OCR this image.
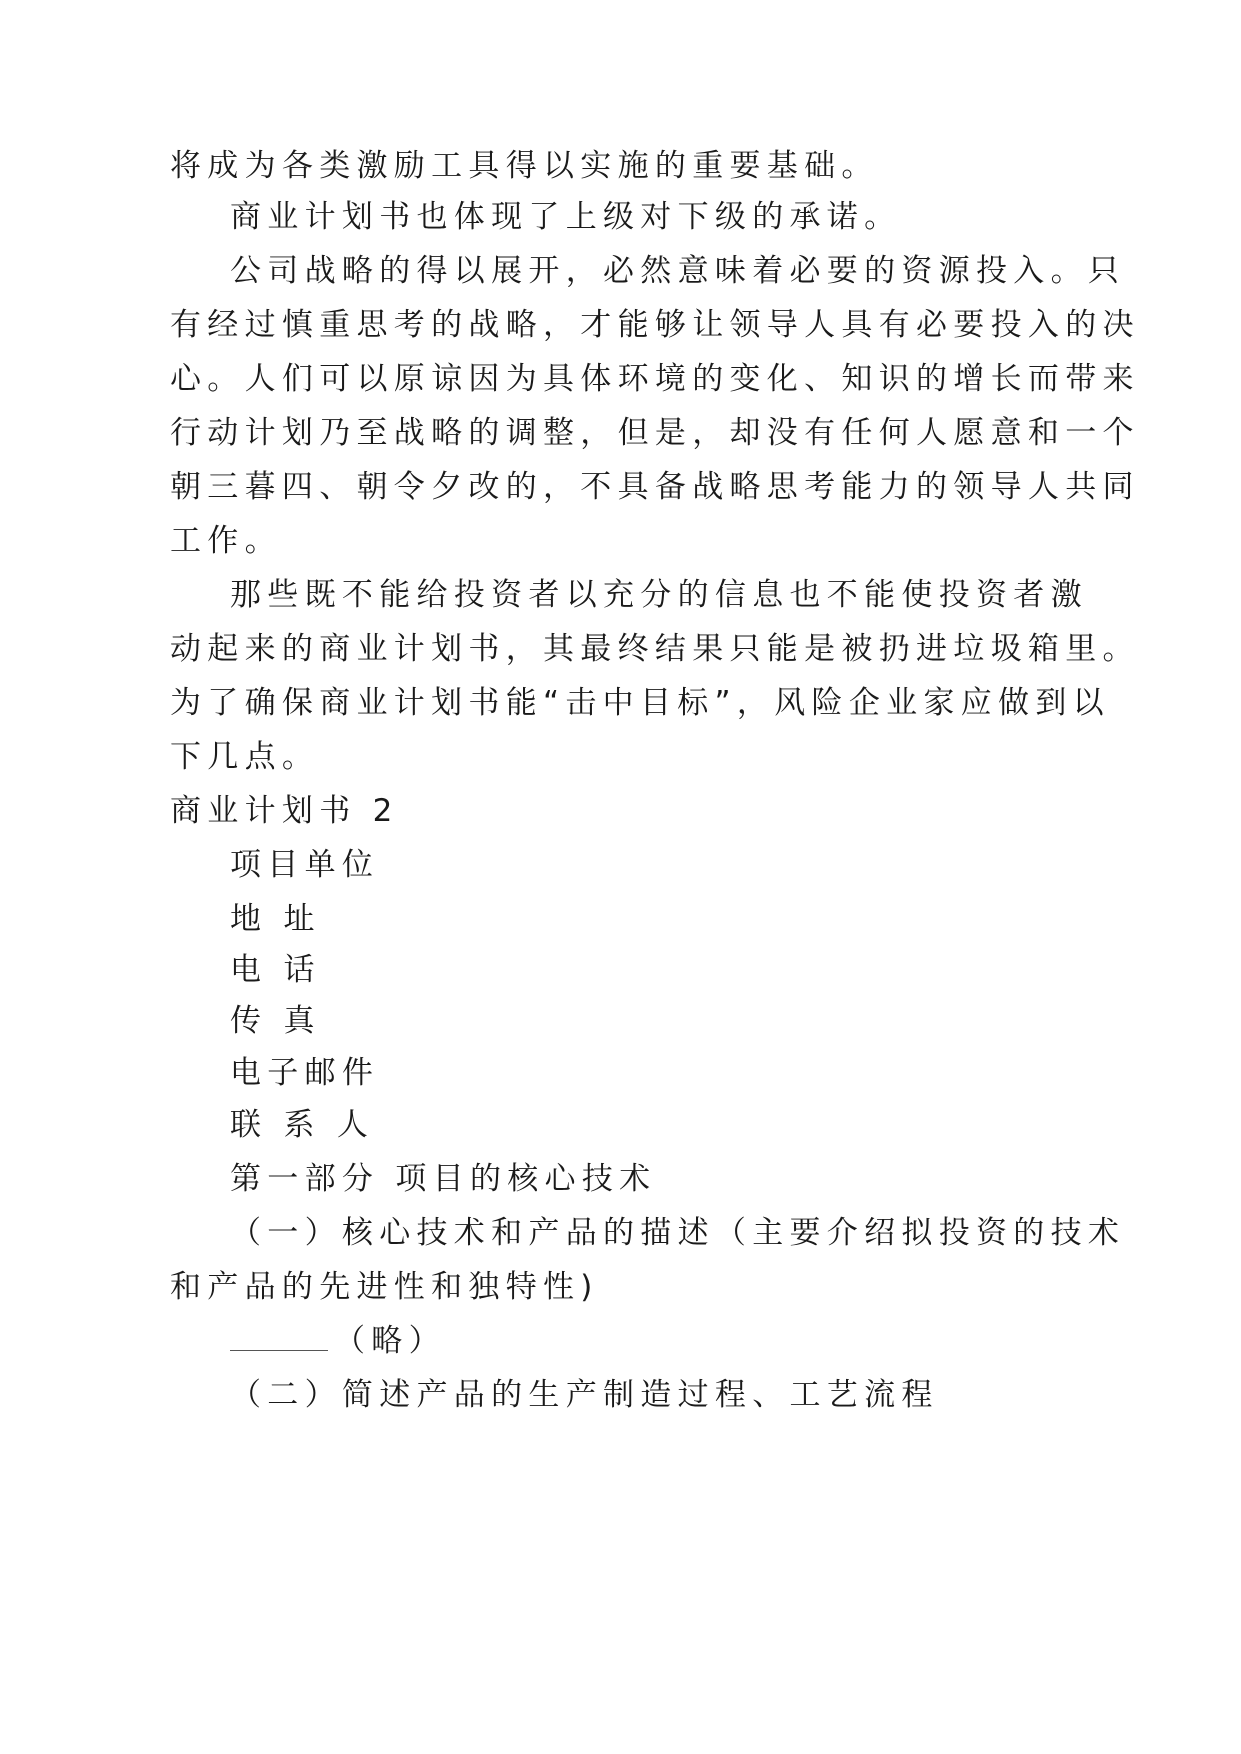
将成为各类激励工具得以实施的重要基础。
商业计划书也体现了上级对下级的承诺。
公司战略的得以展开，必然意味着必要的资源投入。只
有经过慎重思考的战略，才能够让领导人具有必要投入的决
心。人们可以原谅因为具体环境的变化、知识的增长而带来
行动计划乃至战略的调整，但是，却没有任何人愿意和一个
朝三暮四、朝令夕改的，不具备战略思考能力的领导人共同
工作。
那些既不能给投资者以充分的信息也不能使投资者激
动起来的商业计划书，其最终结果只能是被扔进垃圾箱里。
为了确保商业计划书能“击中目标”，风险企业家应做到以
下几点。
商业计划书 2
项目单位
地 址
电 话
传 真
电子邮件
联 系 人
第一部分 项目的核心技术
（一）核心技术和产品的描述（主要介绍拟投资的技术
和产品的先进性和独特性)
（略）
（二）简述产品的生产制造过程、工艺流程
